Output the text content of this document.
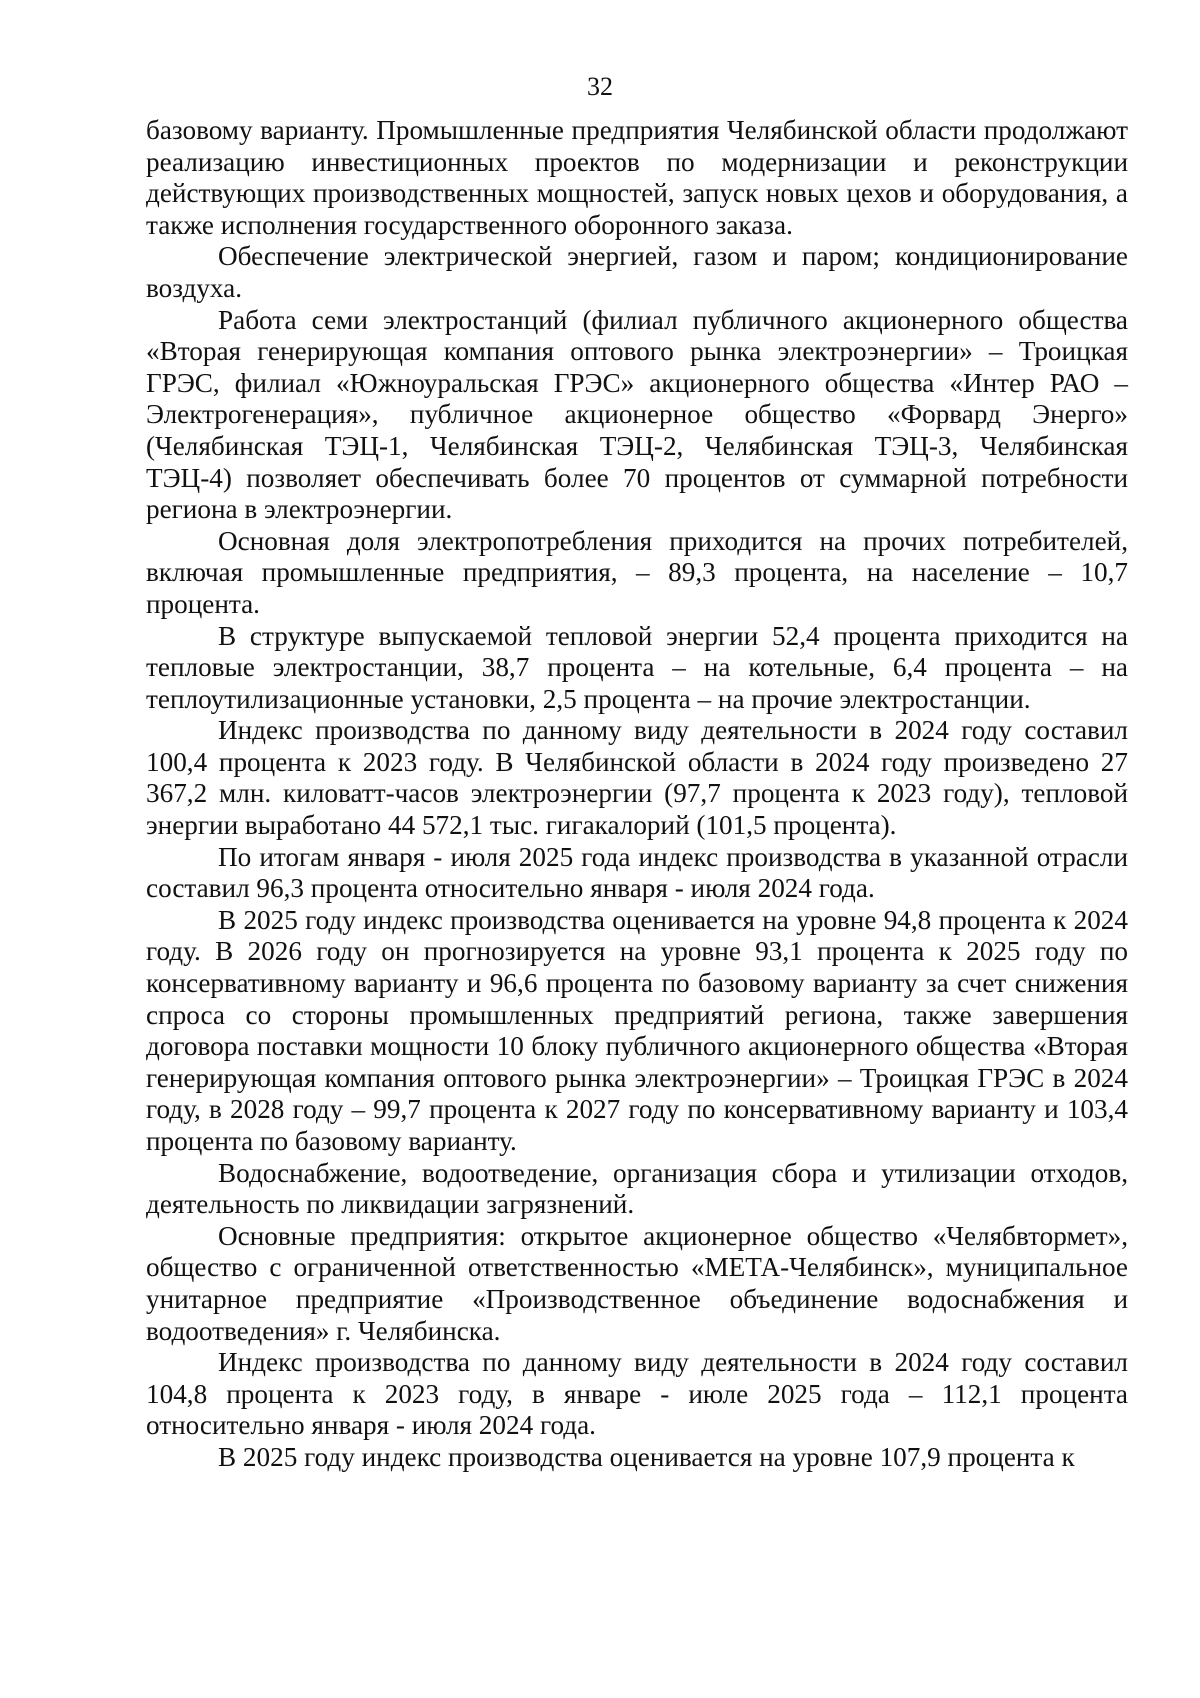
32

базовому варианту. Промышленные предприятия Челябинской области продолжают реализацию инвестиционных проектов по модернизации и реконструкции действующих производственных мощностей, запуск новых цехов и оборудования, а также исполнения государственного оборонного заказа.

Обеспечение электрической энергией, газом и паром; кондиционирование воздуха.

Работа семи электростанций (филиал публичного акционерного общества «Вторая генерирующая компания оптового рынка электроэнергии» – Троицкая ГРЭС, филиал «Южноуральская ГРЭС» акционерного общества «Интер РАО – Электрогенерация», публичное акционерное общество «Форвард Энерго» (Челябинская ТЭЦ-1, Челябинская ТЭЦ-2, Челябинская ТЭЦ-3, Челябинская ТЭЦ-4) позволяет обеспечивать более 70 процентов от суммарной потребности региона в электроэнергии.

Основная доля электропотребления приходится на прочих потребителей, включая промышленные предприятия, – 89,3 процента, на население – 10,7 процента.

В структуре выпускаемой тепловой энергии 52,4 процента приходится на тепловые электростанции, 38,7 процента – на котельные, 6,4 процента – на теплоутилизационные установки, 2,5 процента – на прочие электростанции.

Индекс производства по данному виду деятельности в 2024 году составил 100,4 процента к 2023 году. В Челябинской области в 2024 году произведено 27 367,2 млн. киловатт-часов электроэнергии (97,7 процента к 2023 году), тепловой энергии выработано 44 572,1 тыс. гигакалорий (101,5 процента).

По итогам января - июля 2025 года индекс производства в указанной отрасли составил 96,3 процента относительно января - июля 2024 года.

В 2025 году индекс производства оценивается на уровне 94,8 процента к 2024 году. В 2026 году он прогнозируется на уровне 93,1 процента к 2025 году по консервативному варианту и 96,6 процента по базовому варианту за счет снижения спроса со стороны промышленных предприятий региона, также завершения договора поставки мощности 10 блоку публичного акционерного общества «Вторая генерирующая компания оптового рынка электроэнергии» – Троицкая ГРЭС в 2024 году, в 2028 году – 99,7 процента к 2027 году по консервативному варианту и 103,4 процента по базовому варианту.

Водоснабжение, водоотведение, организация сбора и утилизации отходов, деятельность по ликвидации загрязнений.

Основные предприятия: открытое акционерное общество «Челябвтормет», общество с ограниченной ответственностью «МЕТА-Челябинск», муниципальное унитарное предприятие «Производственное объединение водоснабжения и водоотведения» г. Челябинска.

Индекс производства по данному виду деятельности в 2024 году составил 104,8 процента к 2023 году, в январе - июле 2025 года – 112,1 процента относительно января - июля 2024 года.

В 2025 году индекс производства оценивается на уровне 107,9 процента к
